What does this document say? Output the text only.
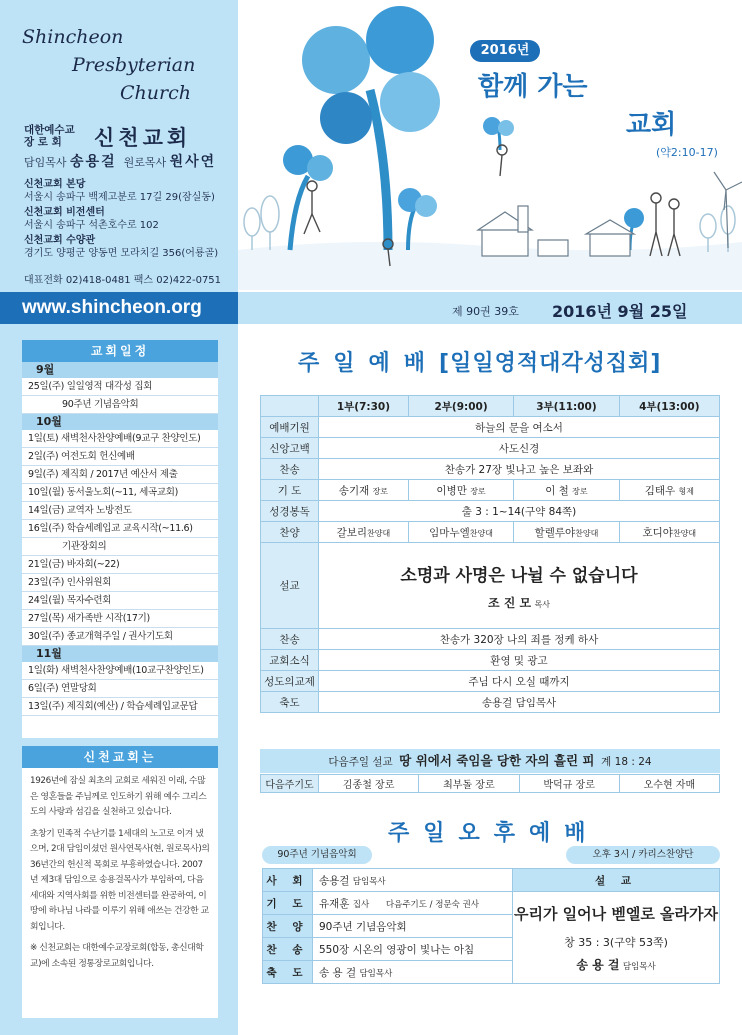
Shincheon
Presbyterian
Church
대한예수교
장 로 회	신천교회
담임목사 송용걸 원로목사 원사연
신천교회 본당
서울시 송파구 백제고분로 17길 29(잠실동)
신천교회 비전센터
서울시 송파구 석촌호수로 102
신천교회 수양관
경기도 양평군 양동면 모라치길 356(어룡골)
대표전화 02)418-0481 팩스 02)422-0751
www.shincheon.org
교회일정
9월
25일(주) 일일영적 대각성 집회
90주년 기념음악회
10월
1일(토) 새벽천사찬양예배(9교구 찬양인도)
2일(주) 여전도회 헌신예배
9일(주) 제직회 / 2017년 예산서 제출
10일(월) 동서울노회(~11, 세곡교회)
14일(금) 교역자 노방전도
16일(주) 학습세례입교 교육시작(~11.6)
기관장회의
21일(금) 바자회(~22)
23일(주) 인사위원회
24일(월) 목자수련회
27일(목) 새가족반 시작(17기)
30일(주) 종교개혁주일 / 권사기도회
11월
1일(화) 새벽천사찬양예배(10교구찬양인도)
6일(주) 연말당회
13일(주) 제직회(예산) / 학습세례입교문답
신천교회는

1926년에 잠실 최초의 교회로 세워진 이래, 수많은 영혼들을 주님께로 인도하기 위해 예수 그리스도의 사랑과 섬김을 실천하고 있습니다.

초창기 민족적 수난기를 1세대의 노고로 이겨 냈으며, 2대 담임이셨던 원사연목사(현, 원로목사)의 36년간의 헌신적 목회로 부흥하였습니다. 2007년 제3대 담임으로 송용걸목사가 부임하여, 다음세대와 지역사회를 위한 비전센터를 완공하여, 이 땅에 하나님 나라를 이루기 위해 애쓰는 건강한 교회입니다.

※ 신천교회는 대한예수교장로회(합동, 총신대학교)에 소속된 정통장로교회입니다.

2016년
함께 가는
교회
(약2:10-17)
제 90권 39호 2016년 9월 25일
주일예배[일일영적대각성집회]
	1부(7:30)	2부(9:00)	3부(11:00)	4부(13:00)
예배기원	하늘의 문을 여소서			
신앙고백	사도신경			
찬송	찬송가 27장 빛나고 높은 보좌와			
기 도	송기재 장로	이병만 장로	이 철 장로	김태우 형제
성경봉독	출 3 : 1~14(구약 84쪽)			
찬양	갈보리찬양대	임마누엘찬양대	할렐루야찬양대	호디야찬양대
설교	소명과 사명은 나뉠 수 없습니다
조 진 모 목사			
찬송	찬송가 320장 나의 죄를 정케 하사			
교회소식	환영 및 광고			
성도의교제	주님 다시 오실 때까지			
축도	송용걸 담임목사			
다음주일 설교 땅 위에서 죽임을 당한 자의 흘린 피 계 18 : 24
다음주기도	김종철 장로	최부돌 장로	박덕규 장로	오수현 자매
주일오후예배
90주년 기념음악회	오후 3시 / 카리스찬양단
사 회	송용걸 담임목사	설 교
기 도	유재훈 집사 다음주기도 / 정문숙 권사	우리가 일어나 벧엘로 올라가자
창 35 : 3(구약 53쪽)
송 용 걸 담임목사
찬 양	90주년 기념음악회	
찬 송	550장 시온의 영광이 빛나는 아침	
축 도	송 용 걸 담임목사	
